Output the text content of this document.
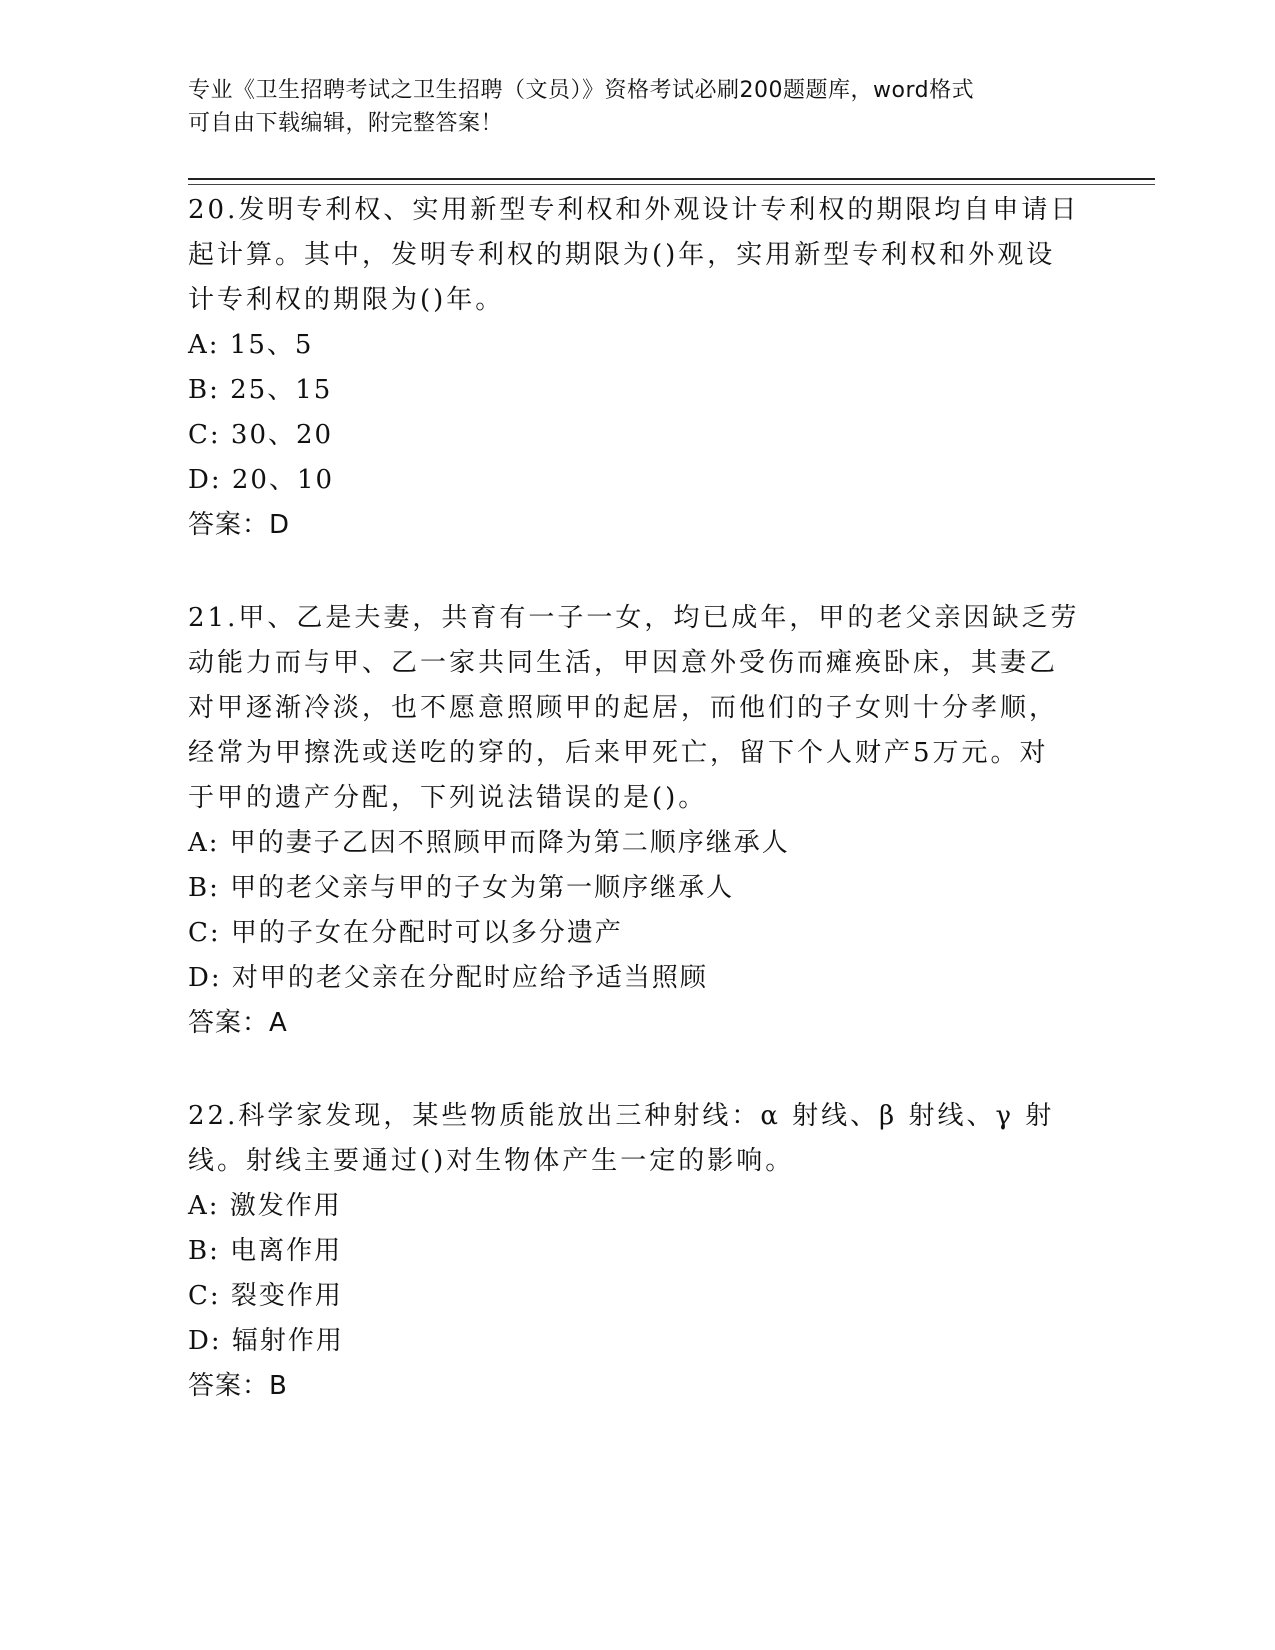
专业《卫生招聘考试之卫生招聘（文员）》资格考试必刷200题题库，word格式
可自由下载编辑，附完整答案！
20.发明专利权、实用新型专利权和外观设计专利权的期限均自申请日
起计算。其中，发明专利权的期限为()年，实用新型专利权和外观设
计专利权的期限为()年。
A: 15、5
B: 25、15
C: 30、20
D: 20、10
答案：D
21.甲、乙是夫妻，共育有一子一女，均已成年，甲的老父亲因缺乏劳
动能力而与甲、乙一家共同生活，甲因意外受伤而瘫痪卧床，其妻乙
对甲逐渐冷淡，也不愿意照顾甲的起居，而他们的子女则十分孝顺，
经常为甲擦洗或送吃的穿的，后来甲死亡，留下个人财产5万元。对
于甲的遗产分配，下列说法错误的是()。
A: 甲的妻子乙因不照顾甲而降为第二顺序继承人
B: 甲的老父亲与甲的子女为第一顺序继承人
C: 甲的子女在分配时可以多分遗产
D: 对甲的老父亲在分配时应给予适当照顾
答案：A
22.科学家发现，某些物质能放出三种射线：α 射线、β 射线、γ 射
线。射线主要通过()对生物体产生一定的影响。
A: 激发作用
B: 电离作用
C: 裂变作用
D: 辐射作用
答案：B
